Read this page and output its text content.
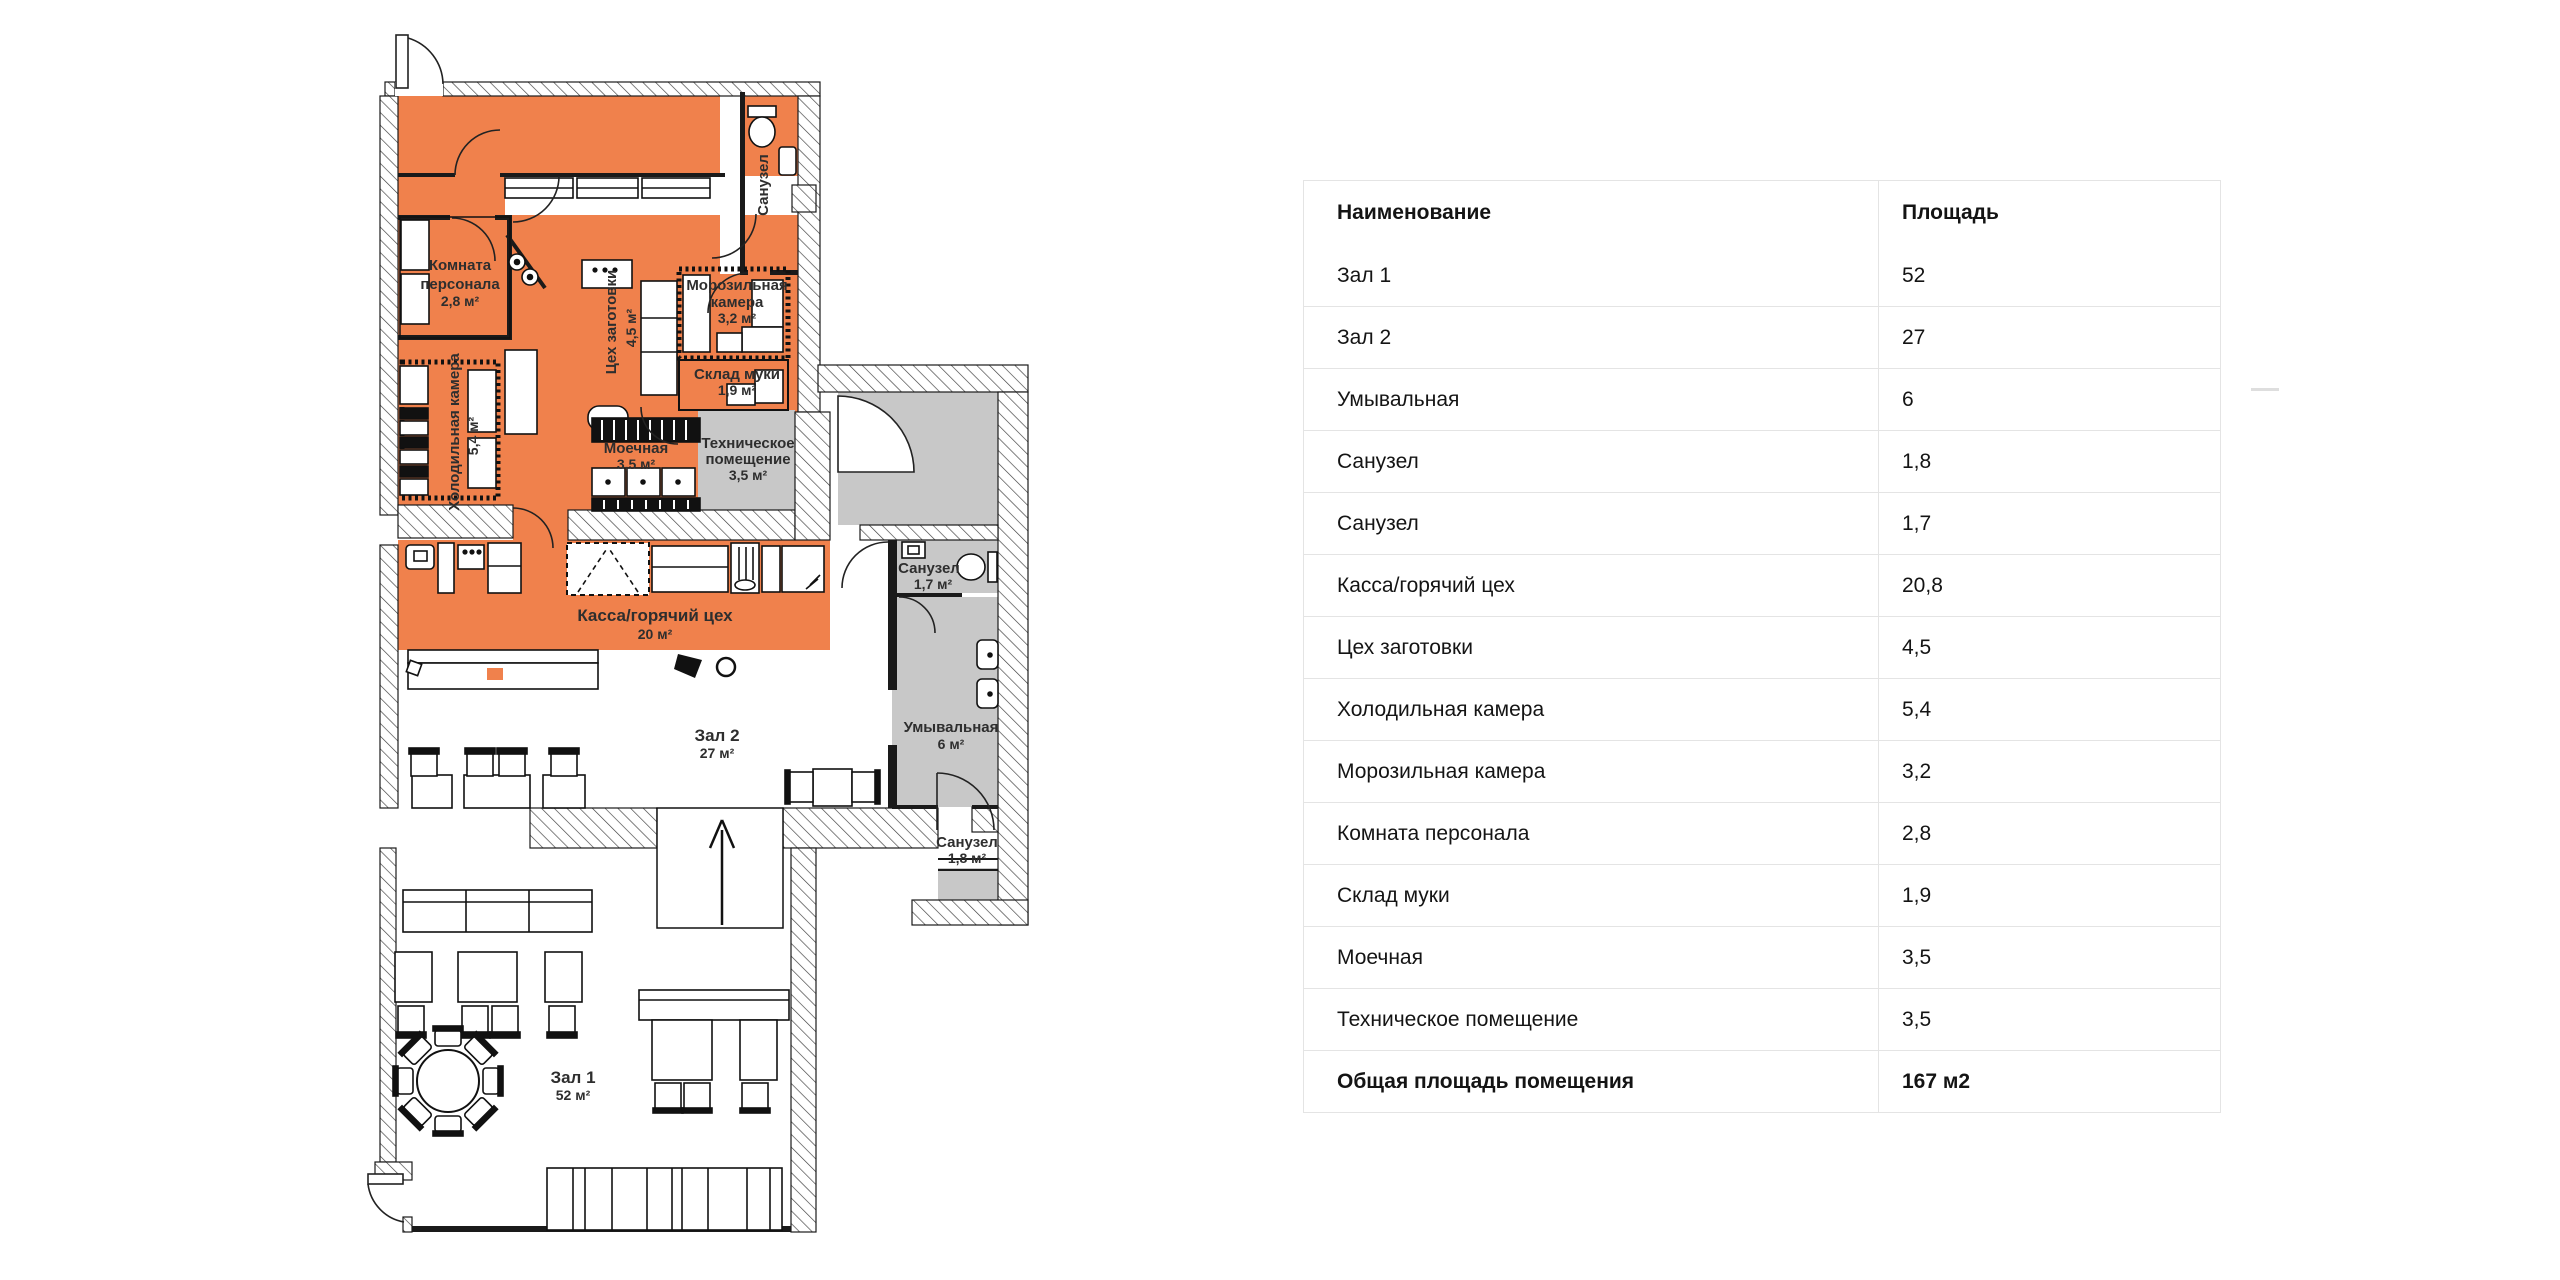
Санузел
Комната
персонала
2,8 м²	Цех заготовки 4,5 м²
Морозильная
камера
3,2 м²
Склад муки
1,9 м²
Холодильная камера 5,4 м²	Моечная
3,5 м²
Техническое
помещение
3,5 м²
Касса/горячий цех
20 м²
Санузел
1,7 м²
Умывальная
6 м²
Санузел
1,8 м²
Зал 2
27 м²
Зал 1
52 м²
Наименование	Площадь
Зал 1	52
Зал 2	27
Умывальная	6
Санузел	1,8
Санузел	1,7
Касса/горячий цех	20,8
Цех заготовки	4,5
Холодильная камера	5,4
Морозильная камера	3,2
Комната персонала	2,8
Склад муки	1,9
Моечная	3,5
Техническое помещение	3,5
Общая площадь помещения	167 м2
